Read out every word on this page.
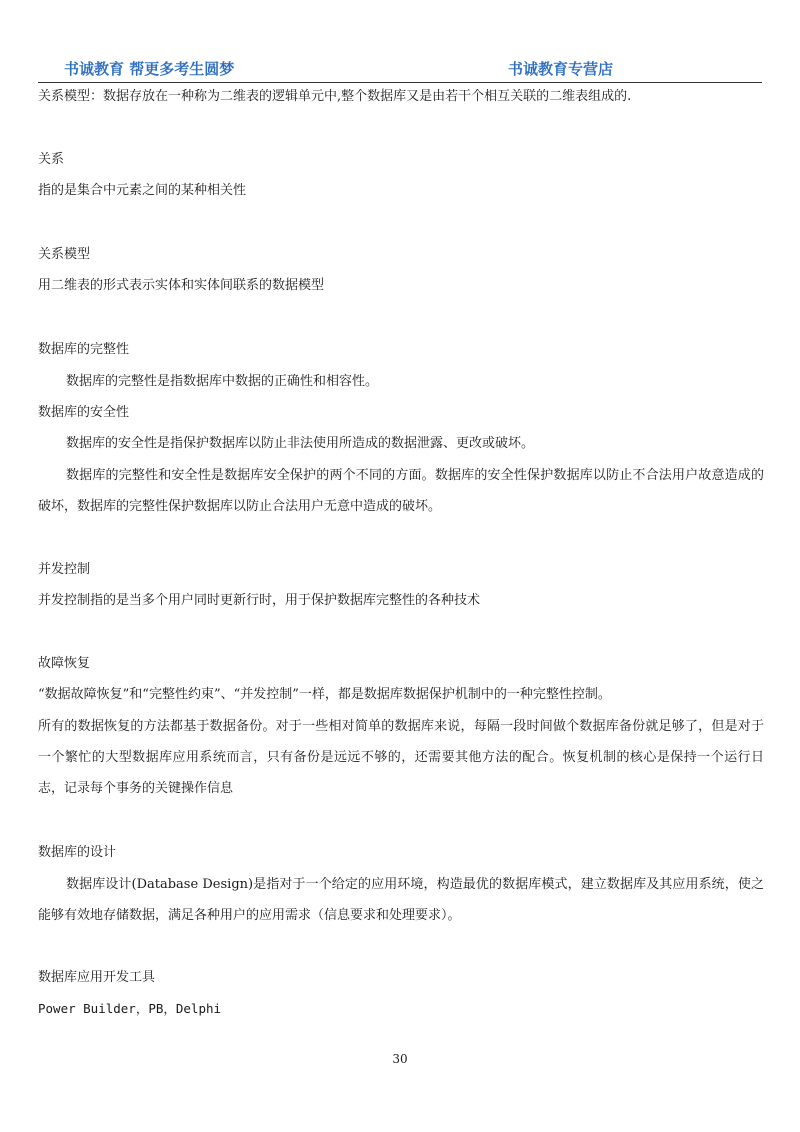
书诚教育 帮更多考生圆梦	书诚教育专营店
关系模型：数据存放在一种称为二维表的逻辑单元中,整个数据库又是由若干个相互关联的二维表组成的.
关系
指的是集合中元素之间的某种相关性
关系模型
用二维表的形式表示实体和实体间联系的数据模型
数据库的完整性
数据库的完整性是指数据库中数据的正确性和相容性。
数据库的安全性
数据库的安全性是指保护数据库以防止非法使用所造成的数据泄露、更改或破坏。
数据库的完整性和安全性是数据库安全保护的两个不同的方面。数据库的安全性保护数据库以防止不合法用户故意造成的破坏，数据库的完整性保护数据库以防止合法用户无意中造成的破坏。
并发控制
并发控制指的是当多个用户同时更新行时，用于保护数据库完整性的各种技术
故障恢复
“数据故障恢复”和“完整性约束”、“并发控制”一样，都是数据库数据保护机制中的一种完整性控制。
所有的数据恢复的方法都基于数据备份。对于一些相对简单的数据库来说，每隔一段时间做个数据库备份就足够了，但是对于一个繁忙的大型数据库应用系统而言，只有备份是远远不够的，还需要其他方法的配合。恢复机制的核心是保持一个运行日志，记录每个事务的关键操作信息
数据库的设计
数据库设计(Database Design)是指对于一个给定的应用环境，构造最优的数据库模式，建立数据库及其应用系统，使之能够有效地存储数据，满足各种用户的应用需求（信息要求和处理要求）。
数据库应用开发工具
Power Builder，PB，Delphi
30
